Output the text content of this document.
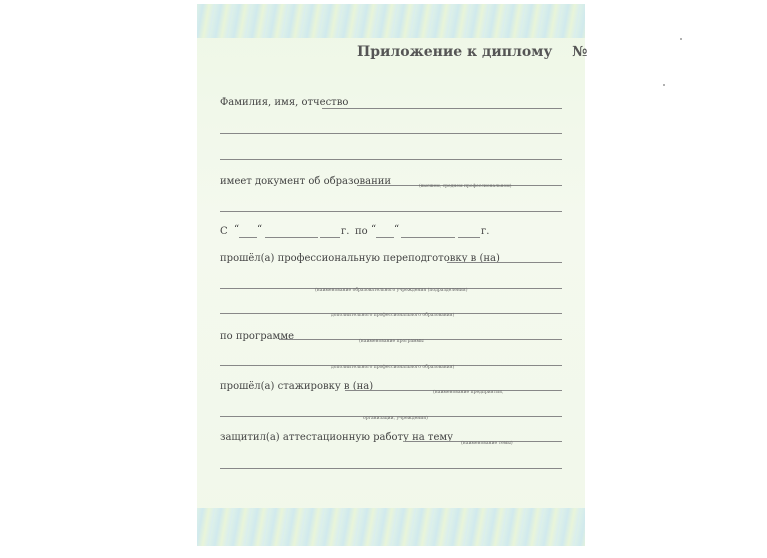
Приложение к диплому №
Фамилия, имя, отчество
имеет документ об образовании	(высшем, среднем профессиональном)
С “ “	г. по “ “	г.
прошёл(а) профессиональную переподготовку в (на)
(наименование образовательного учреждения (подразделения)
дополнительного профессионального образования)
по программе	(наименование программы
дополнительного профессионального образования)
прошёл(а) стажировку в (на)
(наименование предприятия,
организации, учреждения)
защитил(а) аттестационную работу на тему
(наименование темы)
